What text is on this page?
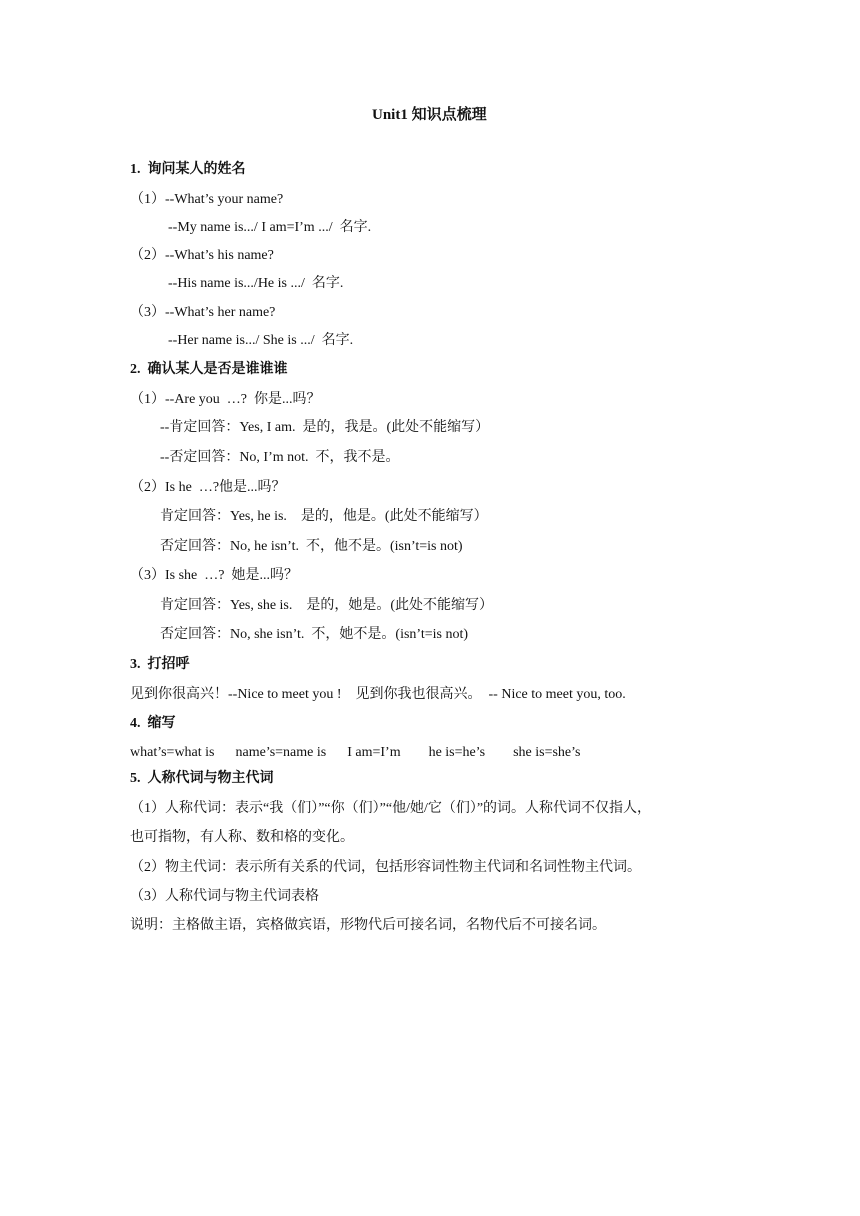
Unit1 知识点梳理
1.  询问某人的姓名
（1）--What’s your name?
--My name is.../ I am=I’m .../  名字.
（2）--What’s his name?
--His name is.../He is .../  名字.
（3）--What’s her name?
--Her name is.../ She is .../  名字.
2.  确认某人是否是谁谁谁
（1）--Are you  …?  你是...吗？
--肯定回答：Yes, I am.  是的，我是。(此处不能缩写）
--否定回答：No, I’m not.  不，我不是。
（2）Is he  …?他是...吗？
肯定回答：Yes, he is.    是的，他是。(此处不能缩写）
否定回答：No, he isn’t.  不，他不是。(isn’t=is not)
（3）Is she  …?  她是...吗？
肯定回答：Yes, she is.    是的，她是。(此处不能缩写）
否定回答：No, she isn’t.  不，她不是。(isn’t=is not)
3.  打招呼
见到你很高兴！--Nice to meet you !    见到你我也很高兴。  -- Nice to meet you, too.
4.  缩写
what’s=what is      name’s=name is      I am=I’m        he is=he’s        she is=she’s
5.  人称代词与物主代词
（1）人称代词：表示“我（们）”“你（们）”“他/她/它（们）”的词。人称代词不仅指人，
也可指物，有人称、数和格的变化。
（2）物主代词：表示所有关系的代词，包括形容词性物主代词和名词性物主代词。
（3）人称代词与物主代词表格
说明：主格做主语，宾格做宾语，形物代后可接名词，名物代后不可接名词。
